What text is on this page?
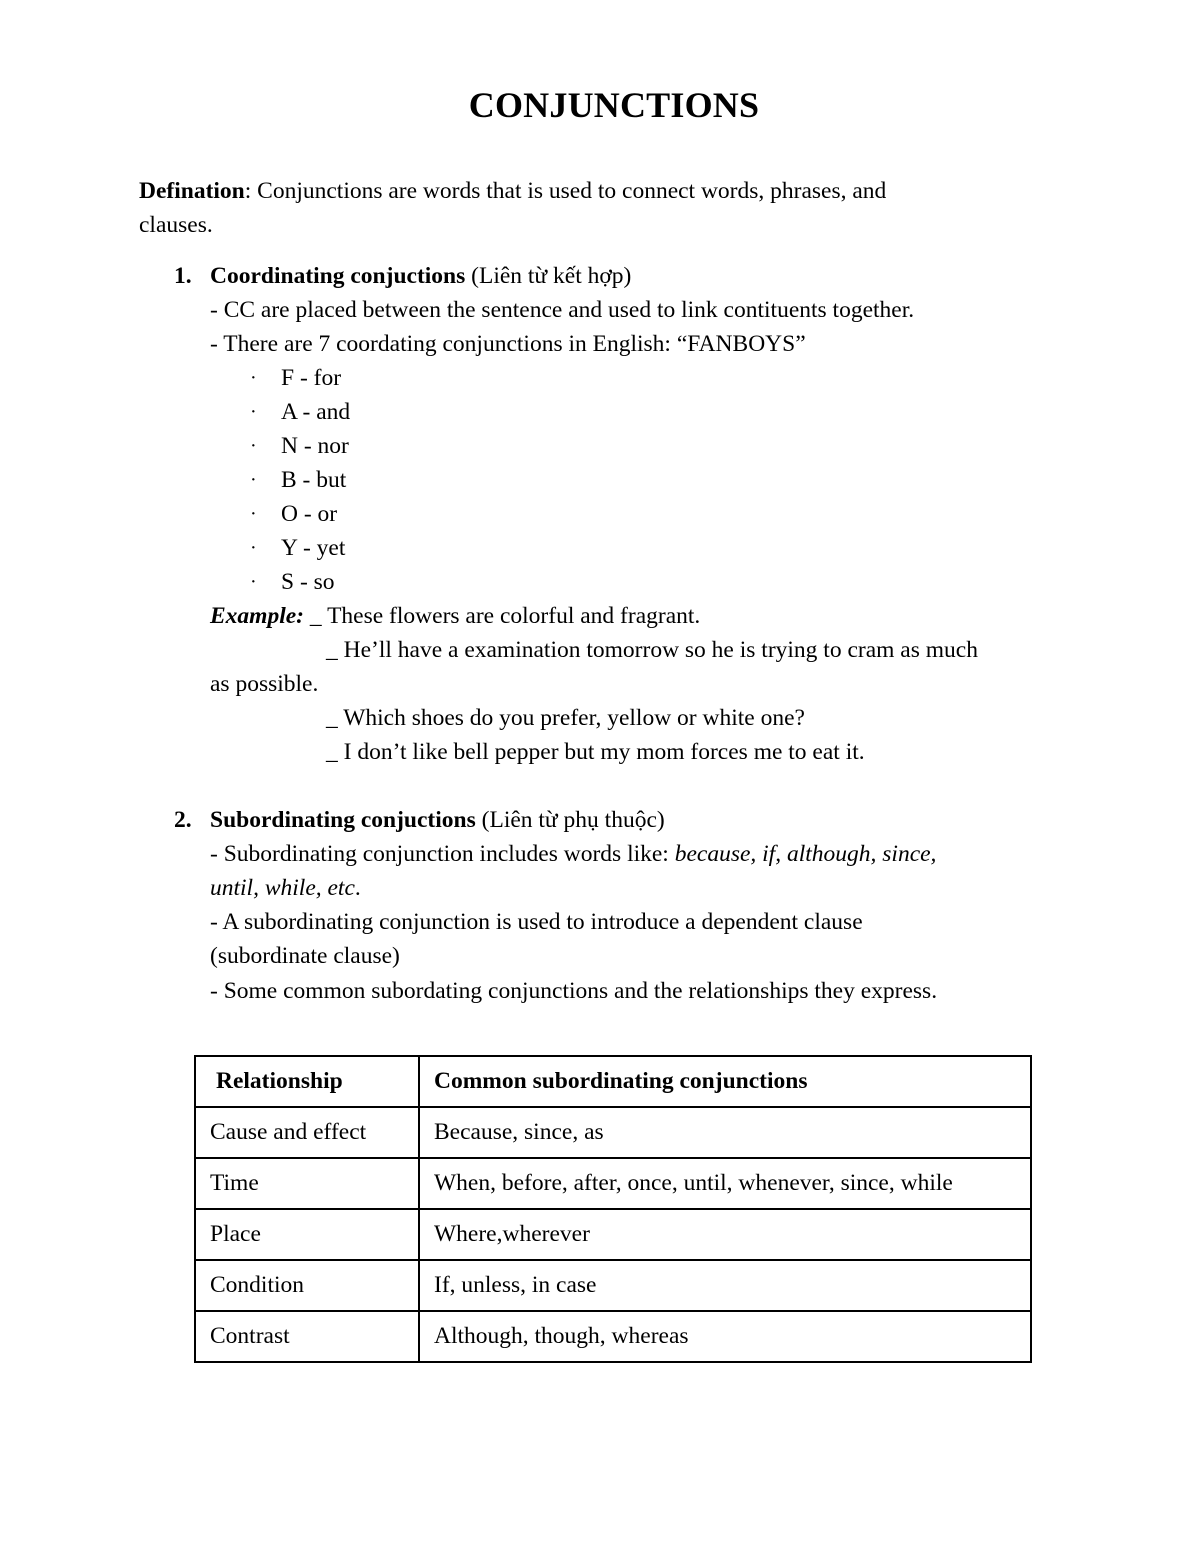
CONJUNCTIONS
Defination: Conjunctions are words that is used to connect words, phrases, and
clauses.
1. Coordinating conjuctions (Liên từ kết hợp)
- CC are placed between the sentence and used to link contituents together.
- There are 7 coordating conjunctions in English: “FANBOYS”
· F - for
· A - and
· N - nor
· B - but
· O - or
· Y - yet
· S - so
Example: _ These flowers are colorful and fragrant.
_ He’ll have a examination tomorrow so he is trying to cram as much
as possible.
_ Which shoes do you prefer, yellow or white one?
_ I don’t like bell pepper but my mom forces me to eat it.
2. Subordinating conjuctions (Liên từ phụ thuộc)
- Subordinating conjunction includes words like: because, if, although, since,
until, while, etc.
- A subordinating conjunction is used to introduce a dependent clause
(subordinate clause)
- Some common subordating conjunctions and the relationships they express.
Relationship	Common subordinating conjunctions
Cause and effect	Because, since, as
Time	When, before, after, once, until, whenever, since, while
Place	Where,wherever
Condition	If, unless, in case
Contrast	Although, though, whereas
